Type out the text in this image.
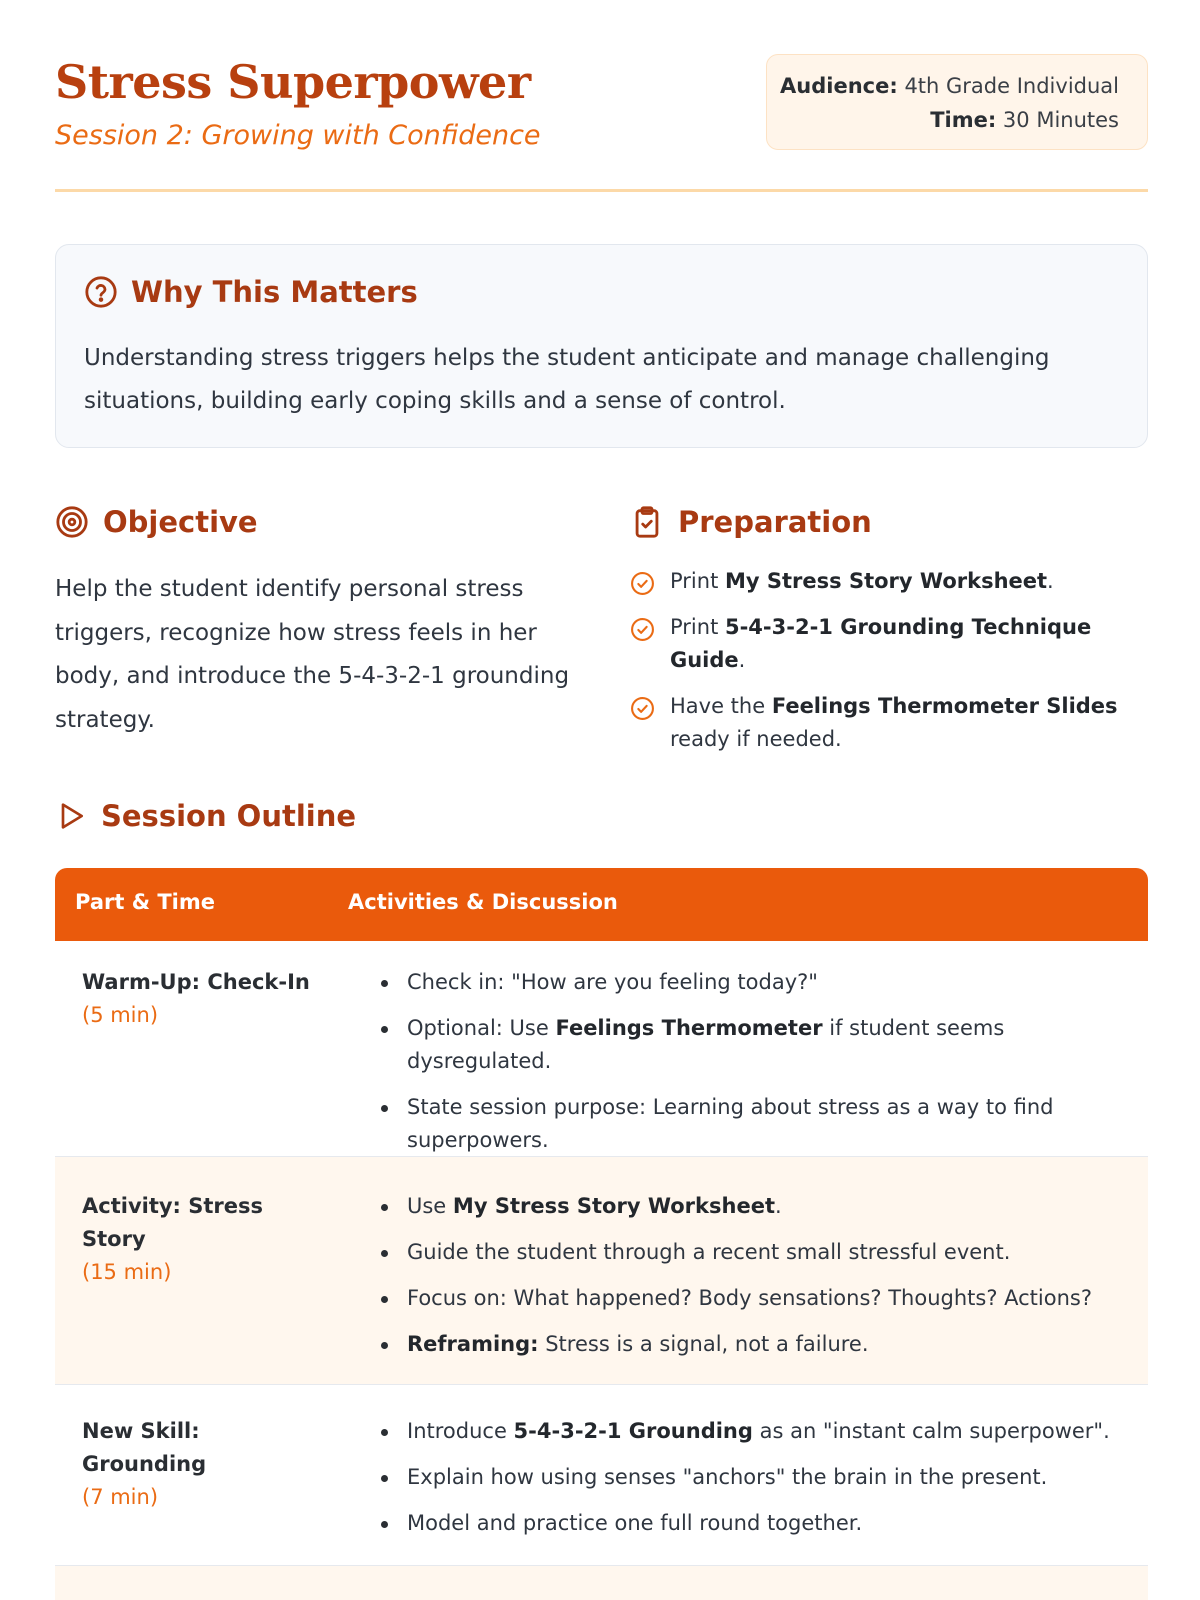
Stress Superpower
Session 2: Growing with Confidence
Audience: 4th Grade Individual
Time: 30 Minutes
Why This Matters
Understanding stress triggers helps the student anticipate and manage challenging situations, building early coping skills and a sense of control.
Objective
Help the student identify personal stress triggers, recognize how stress feels in her body, and introduce the 5-4-3-2-1 grounding strategy.
Preparation
Print My Stress Story Worksheet.
Print 5-4-3-2-1 Grounding Technique Guide.
Have the Feelings Thermometer Slides ready if needed.
Session Outline
Part & Time	Activities & Discussion
Warm-Up: Check-In
(5 min)
Check in: "How are you feeling today?"
Optional: Use Feelings Thermometer if student seems dysregulated.
State session purpose: Learning about stress as a way to find superpowers.
Activity: Stress Story
(15 min)
Use My Stress Story Worksheet.
Guide the student through a recent small stressful event.
Focus on: What happened? Body sensations? Thoughts? Actions?
Reframing: Stress is a signal, not a failure.
New Skill: Grounding
(7 min)
Introduce 5-4-3-2-1 Grounding as an "instant calm superpower".
Explain how using senses "anchors" the brain in the present.
Model and practice one full round together.
